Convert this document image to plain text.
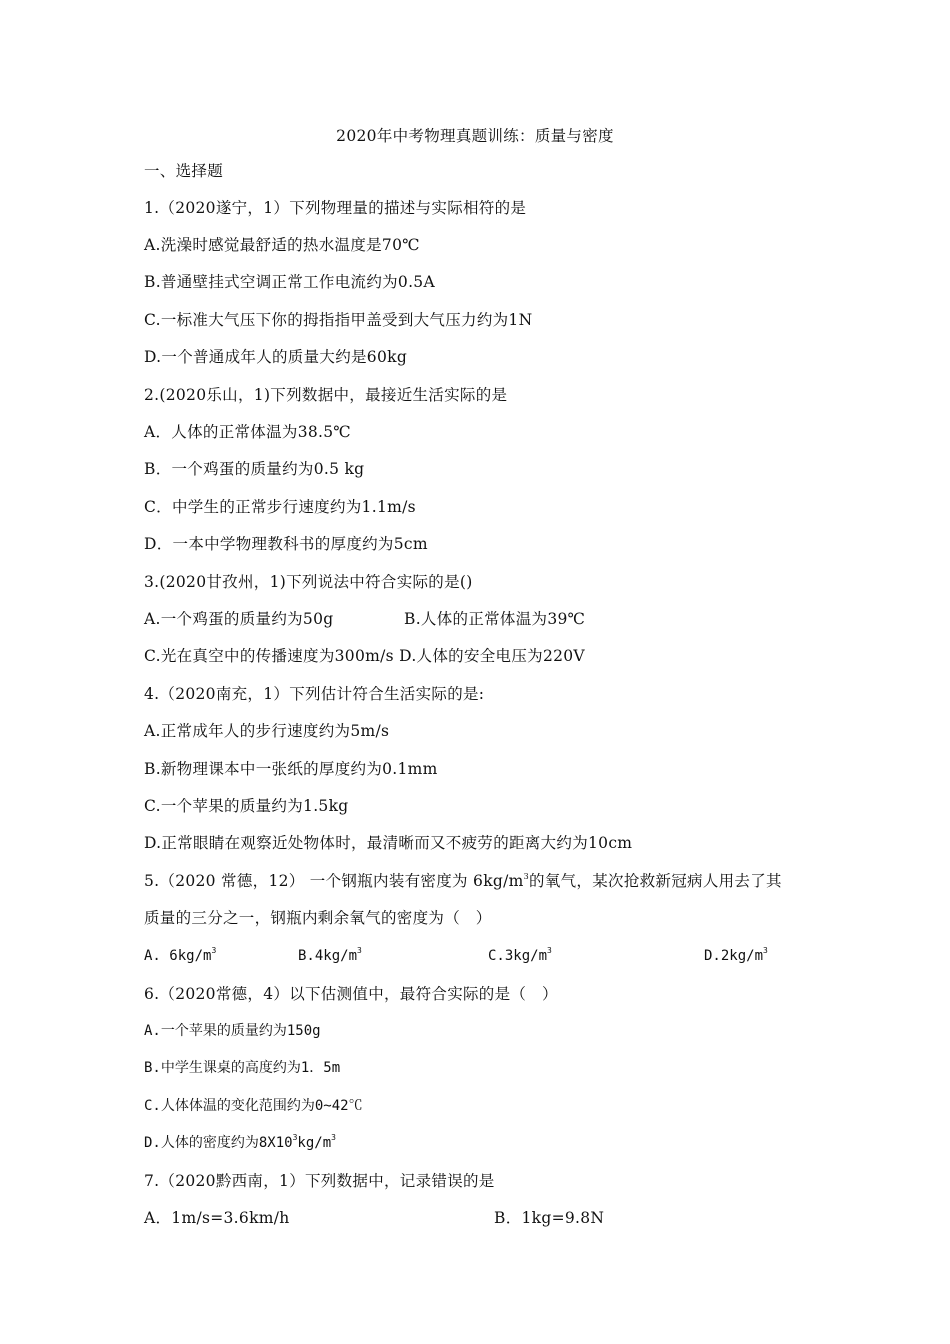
2020年中考物理真题训练：质量与密度
一、选择题
1.（2020遂宁，1）下列物理量的描述与实际相符的是
A.洗澡时感觉最舒适的热水温度是70℃
B.普通壁挂式空调正常工作电流约为0.5A
C.一标准大气压下你的拇指指甲盖受到大气压力约为1N
D.一个普通成年人的质量大约是60kg
2.(2020乐山，1)下列数据中，最接近生活实际的是
A．人体的正常体温为38.5℃
B．一个鸡蛋的质量约为0.5 kg
C．中学生的正常步行速度约为1.1m/s
D．一本中学物理教科书的厚度约为5cm
3.(2020甘孜州，1)下列说法中符合实际的是()
A.一个鸡蛋的质量约为50g	B.人体的正常体温为39℃
C.光在真空中的传播速度为300m/s D.人体的安全电压为220V
4.（2020南充，1）下列估计符合生活实际的是:
A.正常成年人的步行速度约为5m/s
B.新物理课本中一张纸的厚度约为0.1mm
C.一个苹果的质量约为1.5kg
D.正常眼睛在观察近处物体时，最清晰而又不疲劳的距离大约为10cm
5.（2020 常德，12） 一个钢瓶内装有密度为 $6kg/m^3$的氧气，某次抢救新冠病人用去了其
质量的三分之一，钢瓶内剩余氧气的密度为（　）
A. $6kg/m^3$	$B.4kg/m^3$	$C.3kg/m^3$	$D.2kg/m^3$
6.（2020常德，4）以下估测值中，最符合实际的是（　）
A.一个苹果的质量约为150g
B.中学生课桌的高度约为1．5m
C.人体体温的变化范围约为0~42℃
D.人体的密度约为$8X10^3kg/m^3$
7.（2020黔西南，1）下列数据中，记录错误的是
A．1m/s=3.6km/h	B．1kg=9.8N
